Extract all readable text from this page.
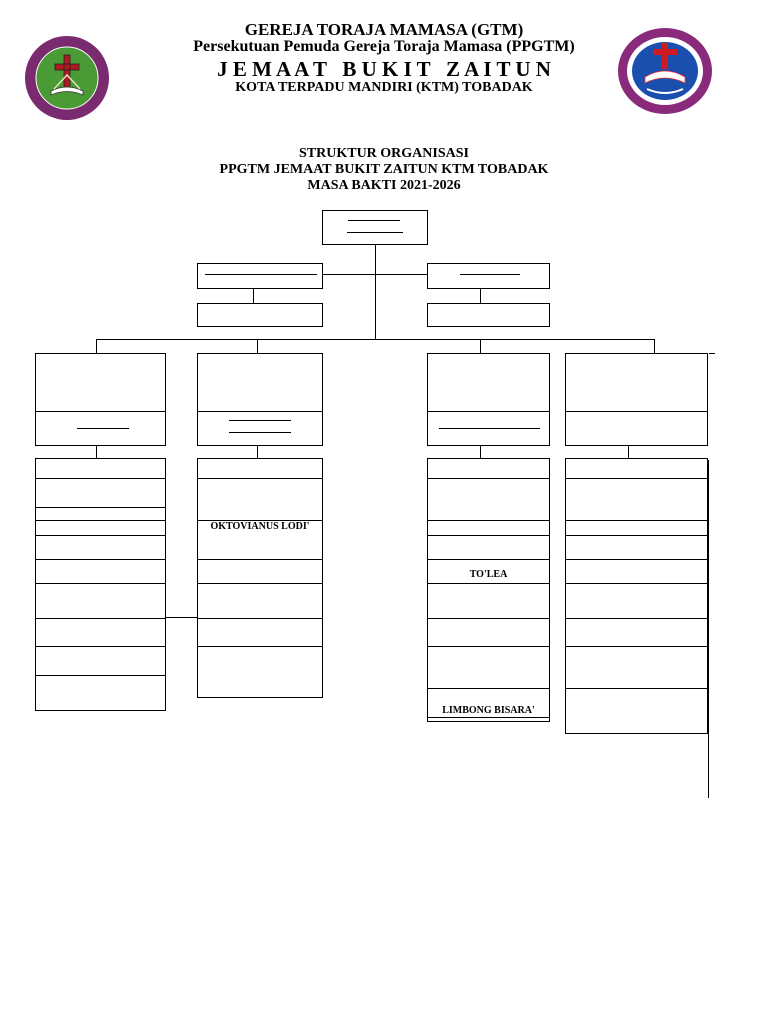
GEREJA TORAJA MAMASA (GTM)
Persekutuan Pemuda Gereja Toraja Mamasa (PPGTM)
J E M A A T   B U K I T   Z A I T U N
KOTA TERPADU MANDIRI (KTM) TOBADAK
STRUKTUR ORGANISASI
PPGTM JEMAAT BUKIT ZAITUN KTM TOBADAK
MASA BAKTI 2021-2026
OKTOVIANUS LODI'
TO'LEA
LIMBONG BISARA'
